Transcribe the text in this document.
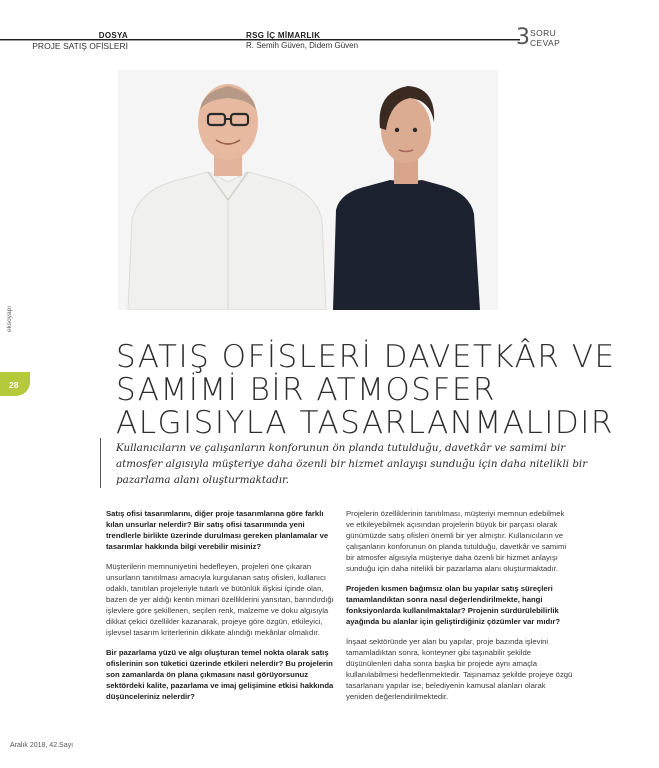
DOSYA
PROJE SATIŞ OFİSLERİ
RSG İÇ MİMARLIK
R. Semih Güven, Didem Güven	3 SORU
CEVAP
eksoyapı
28
SATIŞ OFİSLERİ DAVETKÂR VE
SAMİMİ BİR ATMOSFER
ALGISIYLA TASARLANMALIDIR
Kullanıcıların ve çalışanların konforunun ön planda tutulduğu, davetkâr ve samimi bir atmosfer algısıyla müşteriye daha özenli bir hizmet anlayışı sunduğu için daha nitelikli bir pazarlama alanı oluşturmaktadır.

Satış ofisi tasarımlarını, diğer proje tasarımlarına göre farklı kılan unsurlar nelerdir? Bir satış ofisi tasarımında yeni trendlerle birlikte üzerinde durulması gereken planlamalar ve tasarımlar hakkında bilgi verebilir misiniz?

Müşterilerin memnuniyetini hedefleyen, projeleri öne çıkaran unsurların tanıtılması amacıyla kurgulanan satış ofisleri, kullanıcı odaklı, tanıtılan projeleriyle tutarlı ve bütünlük ilişkisi içinde olan, bazen de yer aldığı kentin mimari özelliklerini yansıtan, barındırdığı işlevlere göre şekillenen, seçilen renk, malzeme ve doku algısıyla dikkat çekici özellikler kazanarak, projeye göre özgün, etkileyici, işlevsel tasarım kriterlerinin dikkate alındığı mekânlar olmalıdır.

Bir pazarlama yüzü ve algı oluşturan temel nokta olarak satış ofislerinin son tüketici üzerinde etkileri nelerdir? Bu projelerin son zamanlarda ön plana çıkmasını nasıl görüyorsunuz sektördeki kalite, pazarlama ve imaj gelişimine etkisi hakkında düşünceleriniz nelerdir?

Projelerin özelliklerinin tanıtılması, müşteriyi memnun edebilmek ve etkileyebilmek açısından projelerin büyük bir parçası olarak günümüzde satış ofisleri önemli bir yer almıştır. Kullanıcıların ve çalışanların konforunun ön planda tutulduğu, davetkâr ve samimi bir atmosfer algısıyla müşteriye daha özenli bir hizmet anlayışı sunduğu için daha nitelikli bir pazarlama alanı oluşturmaktadır.

Projeden kısmen bağımsız olan bu yapılar satış süreçleri tamamlandıktan sonra nasıl değerlendirilmekte, hangi fonksiyonlarda kullanılmaktalar? Projenin sürdürülebilirlik ayağında bu alanlar için geliştirdiğiniz çözümler var mıdır?

İnşaat sektöründe yer alan bu yapılar, proje bazında işlevini tamamladıktan sonra, konteyner gibi taşınabilir şekilde düşünülenleri daha sonra başka bir projede aynı amaçla kullanılabilmesi hedeflenmektedir. Taşınamaz şekilde projeye özgü tasarlananı yapılar ise, belediyenin kamusal alanları olarak yeniden değerlendirilmektedir.

Aralık 2018, 42.Sayı
